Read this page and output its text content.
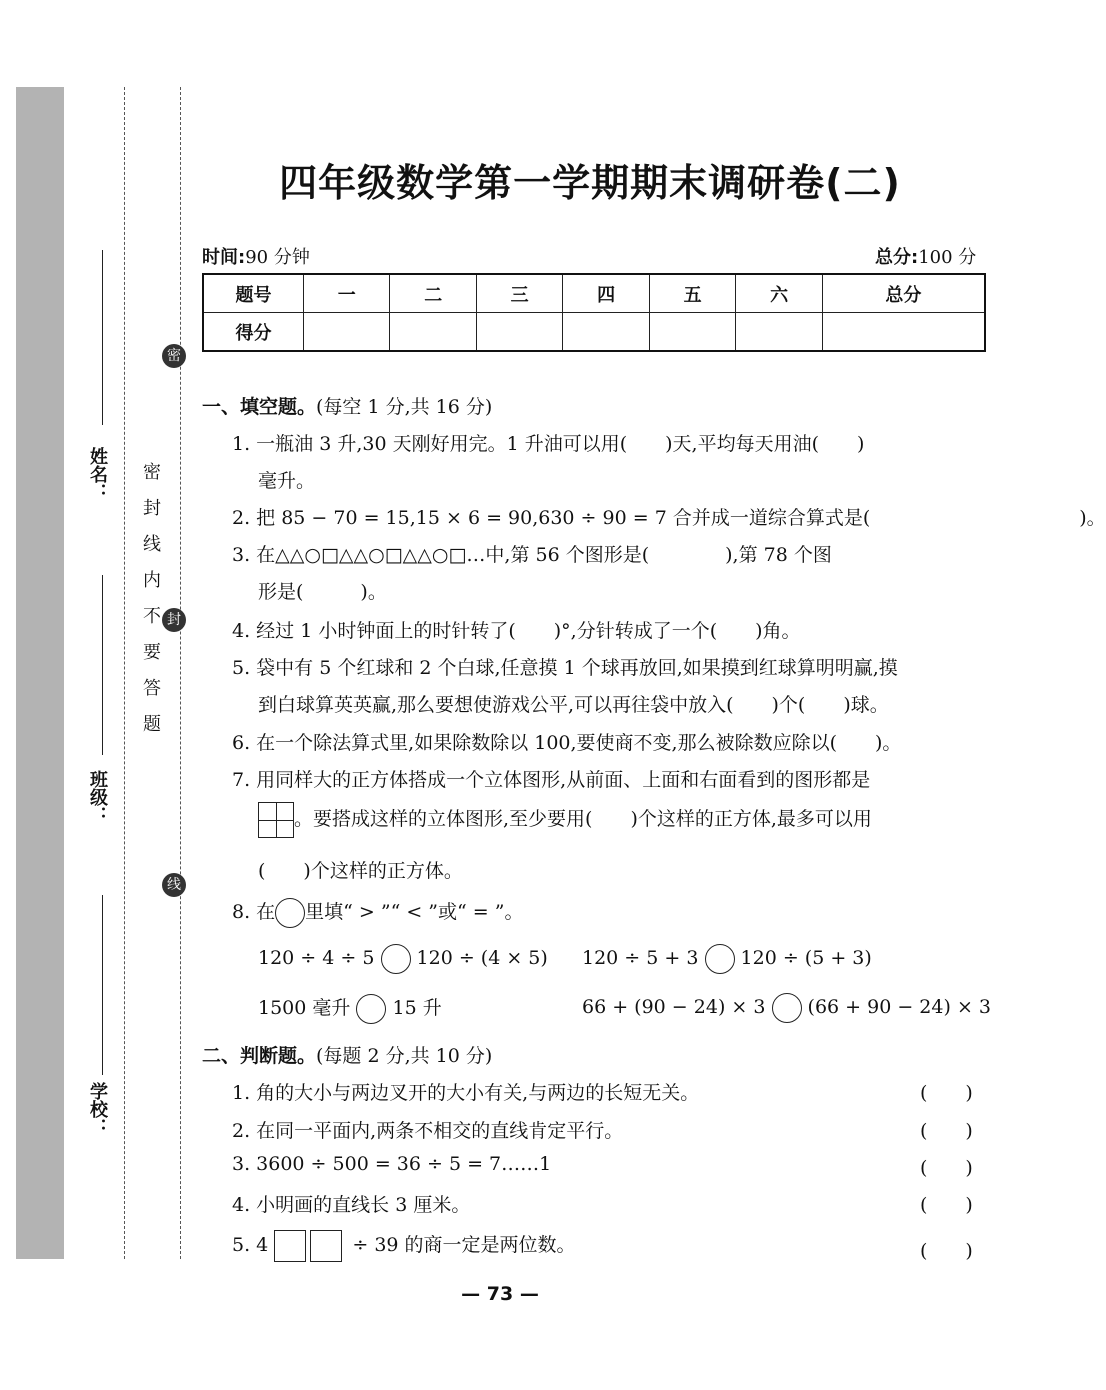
姓名：
班级：
学校：
密封线内不要答题
密
封
线
四年级数学第一学期期末调研卷(二)
时间:90 分钟	总分:100 分
题号	一	二	三	四	五	六	总分
得分							
一、填空题。(每空 1 分,共 16 分)
1. 一瓶油 3 升,30 天刚好用完。1 升油可以用(　　)天,平均每天用油(　　)
毫升。
2. 把 85 − 70 = 15,15 × 6 = 90,630 ÷ 90 = 7 合并成一道综合算式是(　　　　　　　　　　　)。
3. 在△△○□△△○□△△○□…中,第 56 个图形是(　　　　),第 78 个图
形是(　　　)。
4. 经过 1 小时钟面上的时针转了(　　)°,分针转成了一个(　　)角。
5. 袋中有 5 个红球和 2 个白球,任意摸 1 个球再放回,如果摸到红球算明明赢,摸
到白球算英英赢,那么要想使游戏公平,可以再往袋中放入(　　)个(　　)球。
6. 在一个除法算式里,如果除数除以 100,要使商不变,那么被除数应除以(　　)。
7. 用同样大的正方体搭成一个立体图形,从前面、上面和右面看到的图形都是
。要搭成这样的立体图形,至少要用(　　)个这样的正方体,最多可以用
(　　)个这样的正方体。
8. 在 里填“ > ”“ < ”或“ = ”。
120 ÷ 4 ÷ 5 120 ÷ (4 × 5) 120 ÷ 5 + 3 120 ÷ (5 + 3)
1500 毫升 15 升	66 + (90 − 24) × 3 (66 + 90 − 24) × 3
二、判断题。(每题 2 分,共 10 分)
1. 角的大小与两边叉开的大小有关,与两边的长短无关。	(　　)
2. 在同一平面内,两条不相交的直线肯定平行。	(　　)
3. 3600 ÷ 500 = 36 ÷ 5 = 7……1	(　　)
4. 小明画的直线长 3 厘米。	(　　)
5. 4	÷ 39 的商一定是两位数。	(　　)
— 73 —
